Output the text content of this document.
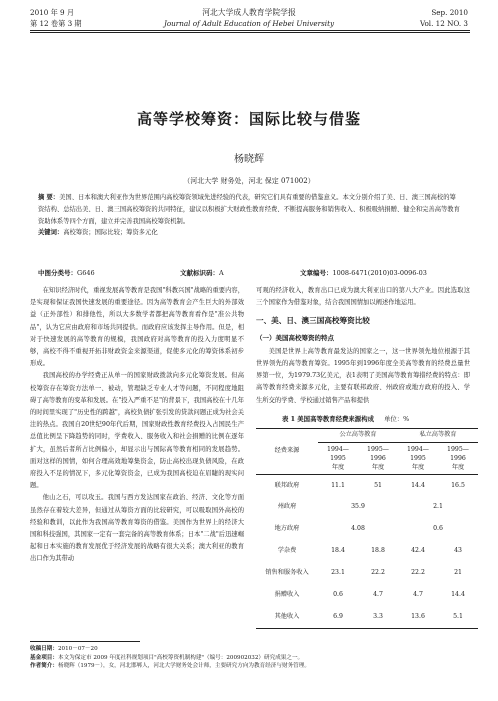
2010 年 9 月
第 12 卷第 3 期
河北大学成人教育学院学报
Journal of Adult Education of Hebei University
Sep. 2010
Vol. 12 NO. 3
高等学校筹资：国际比较与借鉴
杨晓辉
（河北大学 财务处，河北 保定 071002）
摘 要：美国、日本和澳大利亚作为世界范围内高校筹资领域先进经验的代表，研究它们具有重要的借鉴意义。本文分别介绍了美、日、澳三国高校的筹资结构、总结出美、日、澳三国高校筹资的共同特征，建议以积极扩大财政性教育经费、不断提高服务和销售收入、积极吸纳捐赠、健全和完善高等教育资助体系等四个方面，建立并完善我国高校筹资机制。
关键词：高校筹资；国际比较；筹资多元化
中图分类号：G646	文献标识码：A	文章编号：1008-6471(2010)03-0096-03

在知识经济时代，重视发展高等教育是我国"科教兴国"战略的重要内容，是实现和保证我国快速发展的重要途径。因为高等教育会产生巨大的外部效益（正外部性）和排他性，所以大多数学者都把高等教育看作是"准公共物品"，认为它应由政府和市场共同提供。而政府应该发挥主导作用。但是，相对于快速发展的高等教育的规模，我国政府对高等教育的投入力度明显不够，高校不得不重视开拓非财政资金来源渠道，促使多元化的筹资体系初步形成。

我国高校的办学经费正从单一的国家财政拨款向多元化筹资发展。但高校筹资存在筹资方法单一、被动，管理缺乏专业人才等问题，不同程度地阻碍了高等教育的变革和发展。在"投入严重不足"的背景下，我国高校在十几年的时间里实现了"历史性的跨越"，高校负债扩张引发的贷款问题正成为社会关注的热点。我国自20世纪90年代后期，国家财政性教育经费投入占国民生产总值比例呈下降趋势的同时，学费收入、服务收入和社会捐赠的比例在逐年扩大，虽然后者所占比例偏小，却显示出与国际高等教育相同的发展趋势。面对这样的国情，如何合理高效地筹集资金，防止高校出现负债风险，在政府投入不足的情况下，多元化筹资资金，已成为我国高校迫在眉睫的现实问题。

他山之石，可以攻玉。我国与西方发达国家在政治、经济、文化等方面虽然存在着较大差异，但通过从筹资方面的比较研究，可以吸取国外高校的经验和教训，以此作为我国高等教育筹资的借鉴。美国作为世界上的经济大国和科技强国，其国家一定有一套完备的高等教育体系；日本"二战"后迅速崛起和日本实施的教育发展优于经济发展的战略有很大关系；澳大利亚的教育出口作为其带动

可观的经济收入，教育出口已成为澳大利亚出口的第八大产业。因此选取这三个国家作为借鉴对象，结合我国国情加以阐述作地运用。

一、美、日、澳三国高校筹资比较
（一）美国高校筹资的特点

美国是世界上高等教育最发达的国家之一，这一世界领先地位根源于其世界领先的高等教育筹资。1995年到1996年度全美高等教育的经费总量世界第一位，为1979.73亿美元，表1表明了美国高等教育筹措经费的特点：即高等教育经费来源多元化，主要有联邦政府、州政府或地方政府的投入、学生所交的学费、学校通过销售产品和提供

表 1 美国高等教育经费来源构成 单位：%
经费来源	公立高等教育		私立高等教育	
	1994—
1995
年度	1995—
1996
年度	1994—
1995
年度	1995—
1996
年度
联邦政府	11.1	51	14.4	16.5
州政府	35.9		2.1	
地方政府	4.08		0.6	
学杂费	18.4	18.8	42.4	43
销售和服务收入	23.1	22.2	22.2	21
捐赠收入	0.6	4.7	4.7	14.4
其他收入	6.9	3.3	13.6	5.1
收稿日期：2010－07－20
基金项目：本文为保定市 2009 年度社科规划项目"高校筹资机制构建"（编号：200902032）研究成果之一。
作者简介：杨晓辉（1979－），女，河北邯郸人，河北大学财务处会计师，主要研究方向为教育经济与财务管理。
